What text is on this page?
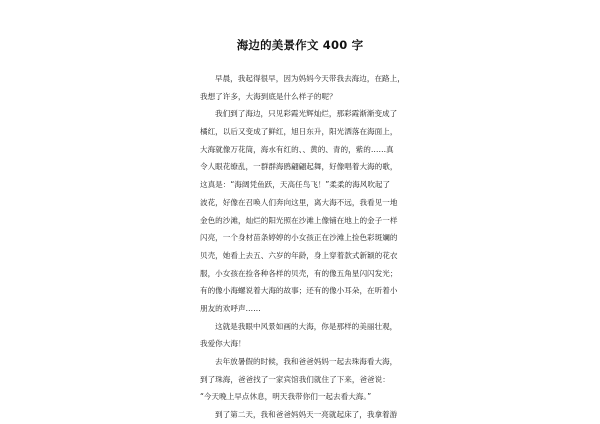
海边的美景作文 400 字
早晨，我起得很早，因为妈妈今天带我去海边，在路上，
我想了许多，大海到底是什么样子的呢？
我们到了海边，只见彩霞光辉灿烂，那彩霞渐渐变成了
橘红，以后又变成了鲜红，旭日东升，阳光洒落在海面上，
大海就像万花筒，海水有红的、、黄的、青的，紫的……真
令人眼花缭乱，一群群海鸥翩翩起舞，好像唱着大海的歌，
这真是：“海阔凭鱼跃，天高任鸟飞！”柔柔的海风吹起了
波花，好像在召唤人们奔向这里，离大海不远，我看见一地
金色的沙滩，灿烂的阳光照在沙滩上像铺在地上的金子一样
闪亮，一个身材苗条婷婷的小女孩正在沙滩上捡色彩斑斓的
贝壳，她看上去五、六岁的年龄，身上穿着款式新颖的花衣
服，小女孩在捡各种各样的贝壳，有的像五角星闪闪发光；
有的像小海螺说着大海的故事；还有的像小耳朵，在听着小
朋友的欢呼声……
这就是我眼中风景如画的大海，你是那样的美丽壮观，
我爱你大海！
去年放暑假的时候，我和爸爸妈妈一起去珠海看大海，
到了珠海，爸爸找了一家宾馆我们就住了下来，爸爸说：
“今天晚上早点休息，明天我带你们一起去看大海。”
到了第二天，我和爸爸妈妈天一亮就起床了，我拿着游
